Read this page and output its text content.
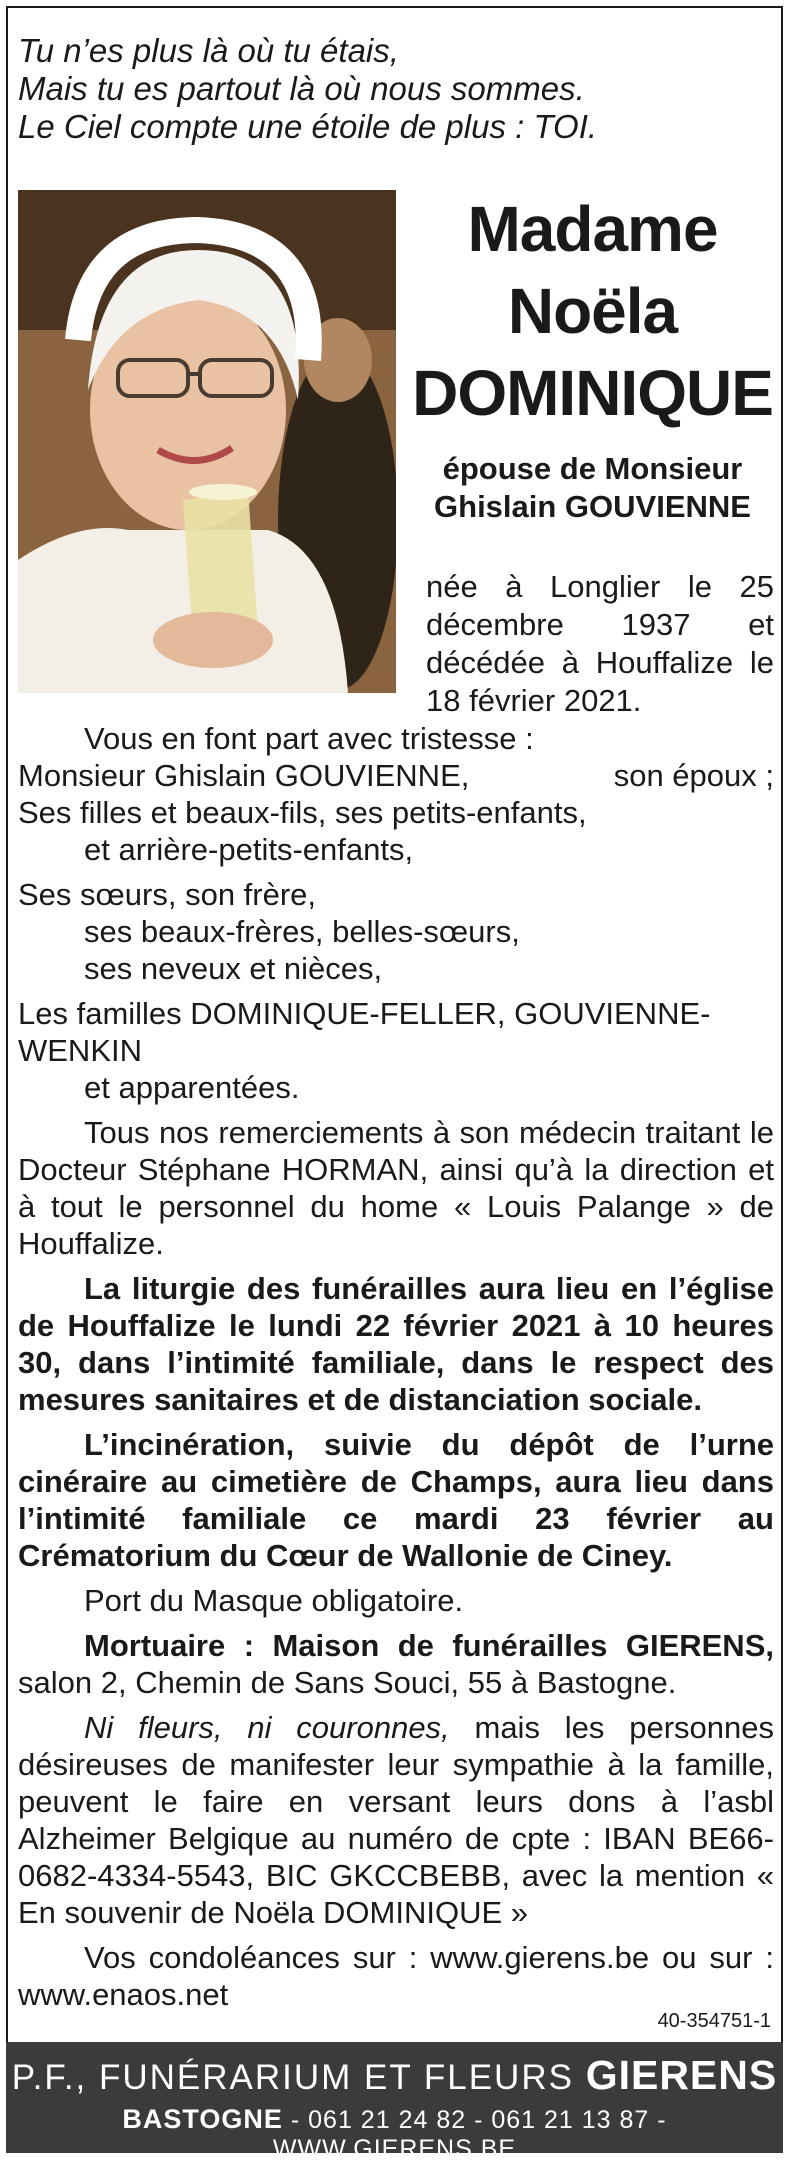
Tu n’es plus là où tu étais,
Mais tu es partout là où nous sommes.
Le Ciel compte une étoile de plus : TOI.
Madame
Noëla
DOMINIQUE
épouse de Monsieur
Ghislain GOUVIENNE
née à Longlier le 25 décembre 1937 et décédée à Houffalize le 18 février 2021.

Vous en font part avec tristesse :

Monsieur Ghislain GOUVIENNE,	son époux ;

Ses filles et beaux-fils, ses petits-enfants,

et arrière-petits-enfants,

Ses sœurs, son frère,

ses beaux-frères, belles-sœurs,

ses neveux et nièces,

Les familles DOMINIQUE-FELLER, GOUVIENNE-WENKIN

et apparentées.

Tous nos remerciements à son médecin traitant le Docteur Stéphane HORMAN, ainsi qu’à la direction et à tout le personnel du home « Louis Palange » de Houffalize.

La liturgie des funérailles aura lieu en l’église de Houffalize le lundi 22 février 2021 à 10 heures 30, dans l’intimité familiale, dans le respect des mesures sanitaires et de distanciation sociale.

L’incinération, suivie du dépôt de l’urne cinéraire au cimetière de Champs, aura lieu dans l’intimité familiale ce mardi 23 février au Crématorium du Cœur de Wallonie de Ciney.

Port du Masque obligatoire.

Mortuaire : Maison de funérailles GIERENS, salon 2, Chemin de Sans Souci, 55 à Bastogne.

Ni fleurs, ni couronnes, mais les personnes désireuses de manifester leur sympathie à la famille, peuvent le faire en versant leurs dons à l’asbl Alzheimer Belgique au numéro de cpte : IBAN BE66-0682-4334-5543, BIC GKCCBEBB, avec la mention « En souvenir de Noëla DOMINIQUE »

Vos condoléances sur : www.gierens.be ou sur : www.enaos.net

40-354751-1
P.F., FUNÉRARIUM ET FLEURS GIERENS
BASTOGNE - 061 21 24 82 - 061 21 13 87 - WWW.GIERENS.BE
